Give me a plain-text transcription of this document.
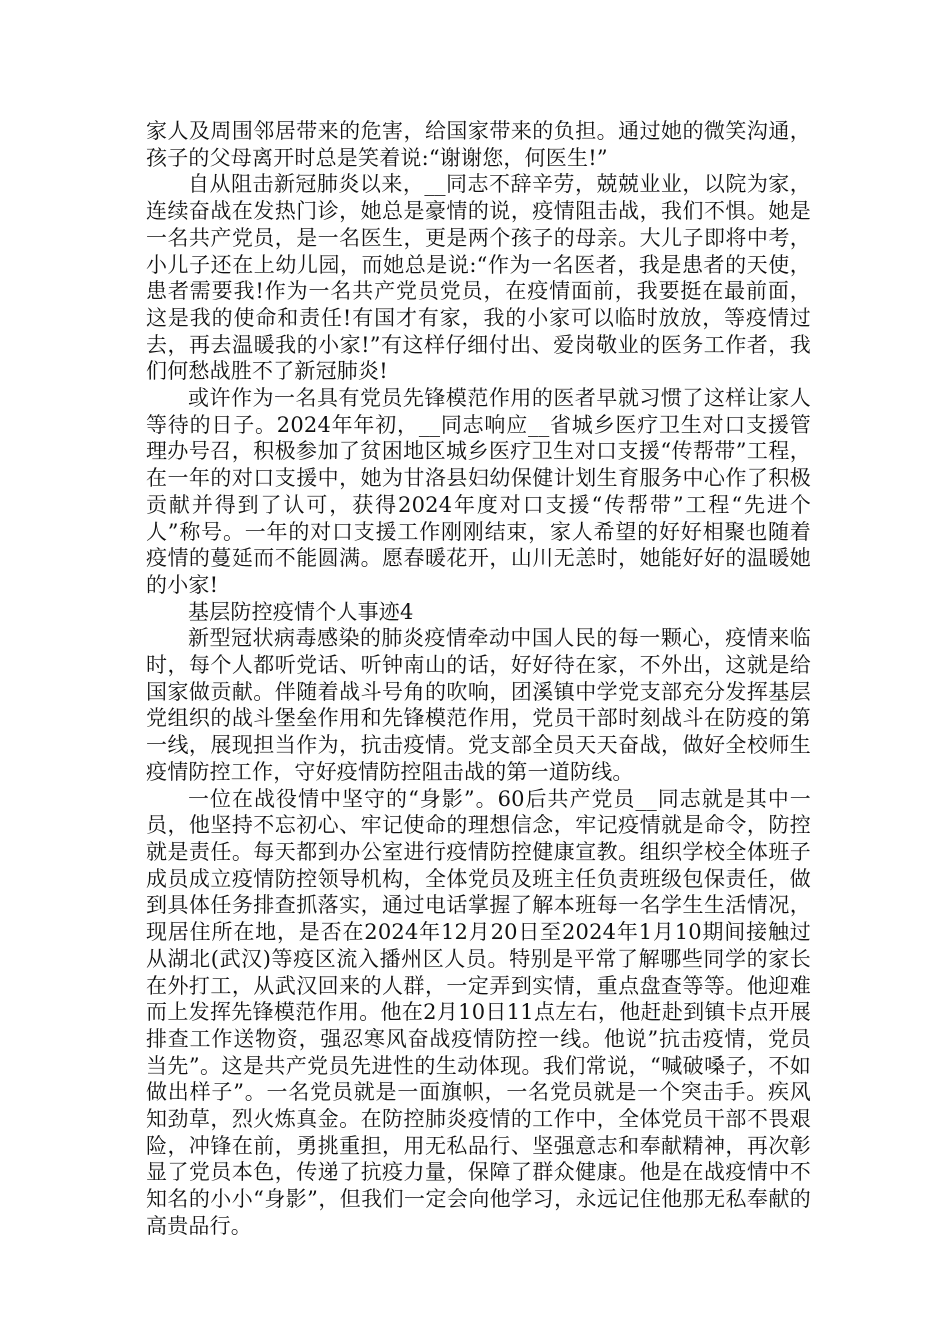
家人及周围邻居带来的危害，给国家带来的负担。通过她的微笑沟通，孩子的父母离开时总是笑着说:“谢谢您，何医生!”

自从阻击新冠肺炎以来，__同志不辞辛劳，兢兢业业，以院为家，连续奋战在发热门诊，她总是豪情的说，疫情阻击战，我们不惧。她是一名共产党员，是一名医生，更是两个孩子的母亲。大儿子即将中考，小儿子还在上幼儿园，而她总是说:“作为一名医者，我是患者的天使，患者需要我!作为一名共产党员党员，在疫情面前，我要挺在最前面，这是我的使命和责任!有国才有家，我的小家可以临时放放，等疫情过去，再去温暖我的小家!”有这样仔细付出、爱岗敬业的医务工作者，我们何愁战胜不了新冠肺炎!

或许作为一名具有党员先锋模范作用的医者早就习惯了这样让家人等待的日子。2024年年初，__同志响应__省城乡医疗卫生对口支援管理办号召，积极参加了贫困地区城乡医疗卫生对口支援“传帮带”工程，在一年的对口支援中，她为甘洛县妇幼保健计划生育服务中心作了积极贡献并得到了认可，获得2024年度对口支援“传帮带”工程“先进个人”称号。一年的对口支援工作刚刚结束，家人希望的好好相聚也随着疫情的蔓延而不能圆满。愿春暖花开，山川无恙时，她能好好的温暖她的小家!

基层防控疫情个人事迹4

新型冠状病毒感染的肺炎疫情牵动中国人民的每一颗心，疫情来临时，每个人都听党话、听钟南山的话，好好待在家，不外出，这就是给国家做贡献。伴随着战斗号角的吹响，团溪镇中学党支部充分发挥基层党组织的战斗堡垒作用和先锋模范作用，党员干部时刻战斗在防疫的第一线，展现担当作为，抗击疫情。党支部全员天天奋战，做好全校师生疫情防控工作，守好疫情防控阻击战的第一道防线。

一位在战役情中坚守的“身影”。60后共产党员__同志就是其中一员，他坚持不忘初心、牢记使命的理想信念，牢记疫情就是命令，防控就是责任。每天都到办公室进行疫情防控健康宣教。组织学校全体班子成员成立疫情防控领导机构，全体党员及班主任负责班级包保责任，做到具体任务排查抓落实，通过电话掌握了解本班每一名学生生活情况，现居住所在地，是否在2024年12月20日至2024年1月10期间接触过从湖北(武汉)等疫区流入播州区人员。特别是平常了解哪些同学的家长在外打工，从武汉回来的人群，一定弄到实情，重点盘查等等。他迎难而上发挥先锋模范作用。他在2月10日11点左右，他赶赴到镇卡点开展排查工作送物资，强忍寒风奋战疫情防控一线。他说”抗击疫情，党员当先”。这是共产党员先进性的生动体现。我们常说，“喊破嗓子，不如做出样子”。一名党员就是一面旗帜，一名党员就是一个突击手。疾风知劲草，烈火炼真金。在防控肺炎疫情的工作中，全体党员干部不畏艰险，冲锋在前，勇挑重担，用无私品行、坚强意志和奉献精神，再次彰显了党员本色，传递了抗疫力量，保障了群众健康。他是在战疫情中不知名的小小“身影”，但我们一定会向他学习，永远记住他那无私奉献的高贵品行。
